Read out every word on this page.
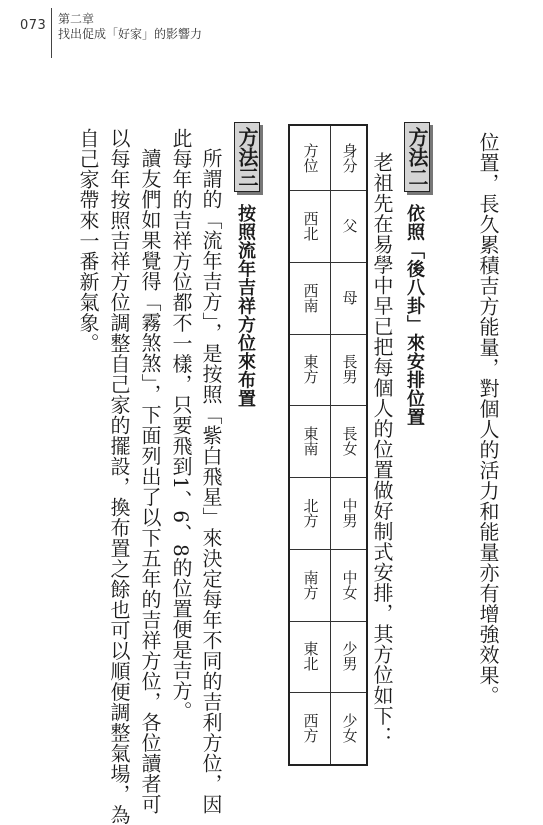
073 第二章
找出促成「好家」的影響力
位置，長久累積吉方能量，對個人的活力和能量亦有增強效果。
方法二
依照「後八卦」來安排位置
老祖先在易學中早已把每個人的位置做好制式安排，其方位如下：
身分
父
母
長男
長女
中男
中女
少男
少女
方位
西北
西南
東方
東南
北方
南方
東北
西方
方法三
按照流年吉祥方位來布置
所謂的「流年吉方」，是按照「紫白飛星」來決定每年不同的吉利方位，因
此每年的吉祥方位都不一樣，只要飛到1、6、8的位置便是吉方。
讀友們如果覺得「霧煞煞」，下面列出了以下五年的吉祥方位，各位讀者可
以每年按照吉祥方位調整自己家的擺設，換布置之餘也可以順便調整氣場，為
自己家帶來一番新氣象。
